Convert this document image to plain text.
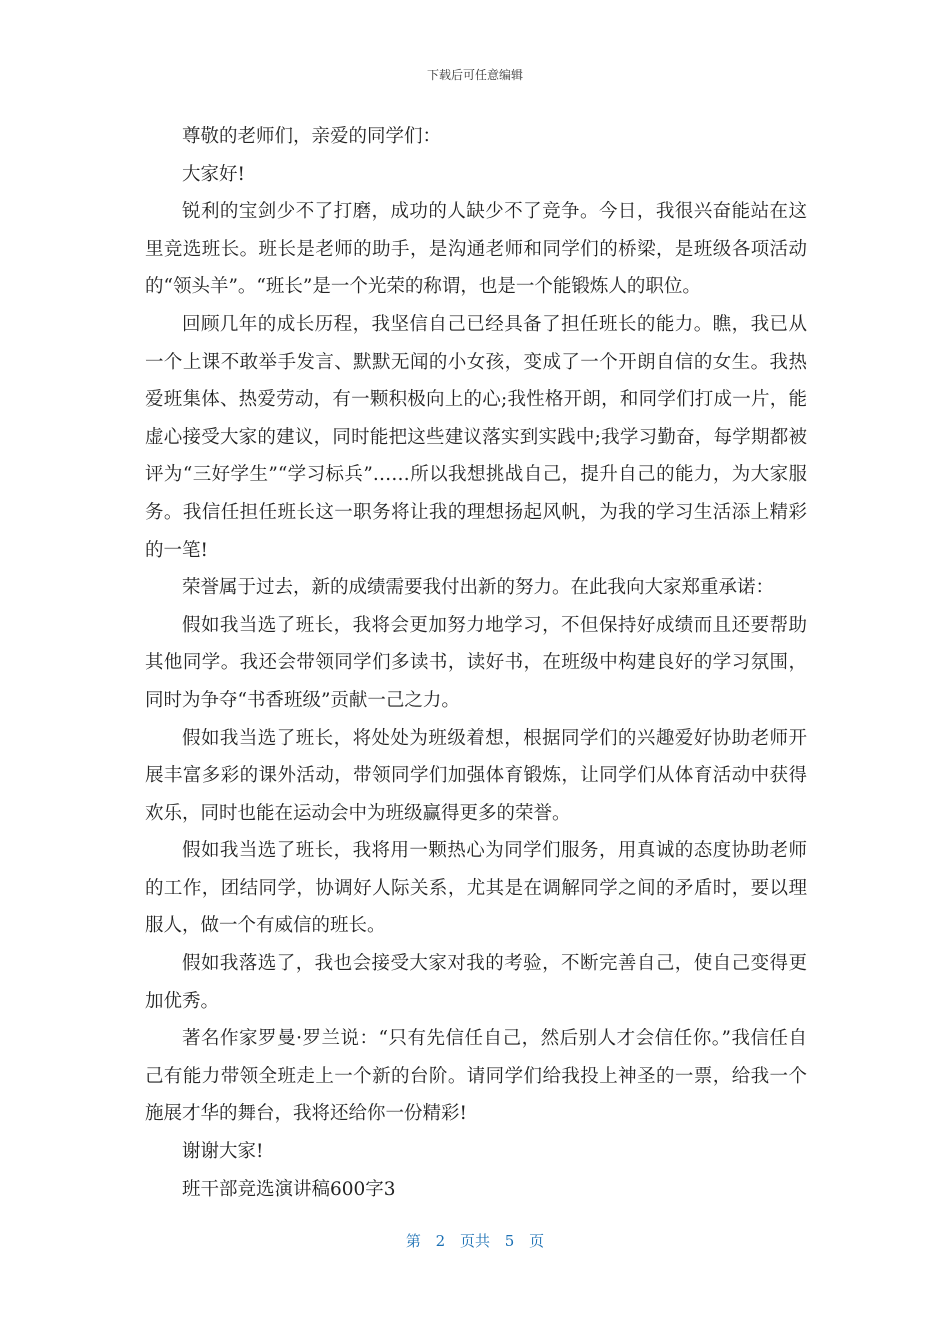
下载后可任意编辑

尊敬的老师们，亲爱的同学们：

大家好!

锐利的宝剑少不了打磨，成功的人缺少不了竞争。今日，我很兴奋能站在这里竞选班长。班长是老师的助手，是沟通老师和同学们的桥梁，是班级各项活动的“领头羊”。“班长”是一个光荣的称谓，也是一个能锻炼人的职位。

回顾几年的成长历程，我坚信自己已经具备了担任班长的能力。瞧，我已从一个上课不敢举手发言、默默无闻的小女孩，变成了一个开朗自信的女生。我热爱班集体、热爱劳动，有一颗积极向上的心;我性格开朗，和同学们打成一片，能虚心接受大家的建议，同时能把这些建议落实到实践中;我学习勤奋，每学期都被评为“三好学生”“学习标兵”……所以我想挑战自己，提升自己的能力，为大家服务。我信任担任班长这一职务将让我的理想扬起风帆，为我的学习生活添上精彩的一笔!

荣誉属于过去，新的成绩需要我付出新的努力。在此我向大家郑重承诺：

假如我当选了班长，我将会更加努力地学习，不但保持好成绩而且还要帮助其他同学。我还会带领同学们多读书，读好书，在班级中构建良好的学习氛围，同时为争夺“书香班级”贡献一己之力。

假如我当选了班长，将处处为班级着想，根据同学们的兴趣爱好协助老师开展丰富多彩的课外活动，带领同学们加强体育锻炼，让同学们从体育活动中获得欢乐，同时也能在运动会中为班级赢得更多的荣誉。

假如我当选了班长，我将用一颗热心为同学们服务，用真诚的态度协助老师的工作，团结同学，协调好人际关系，尤其是在调解同学之间的矛盾时，要以理服人，做一个有威信的班长。

假如我落选了，我也会接受大家对我的考验，不断完善自己，使自己变得更加优秀。

著名作家罗曼·罗兰说：“只有先信任自己，然后别人才会信任你。”我信任自己有能力带领全班走上一个新的台阶。请同学们给我投上神圣的一票，给我一个施展才华的舞台，我将还给你一份精彩!

谢谢大家!

班干部竞选演讲稿600字3

第 2 页共 5 页
